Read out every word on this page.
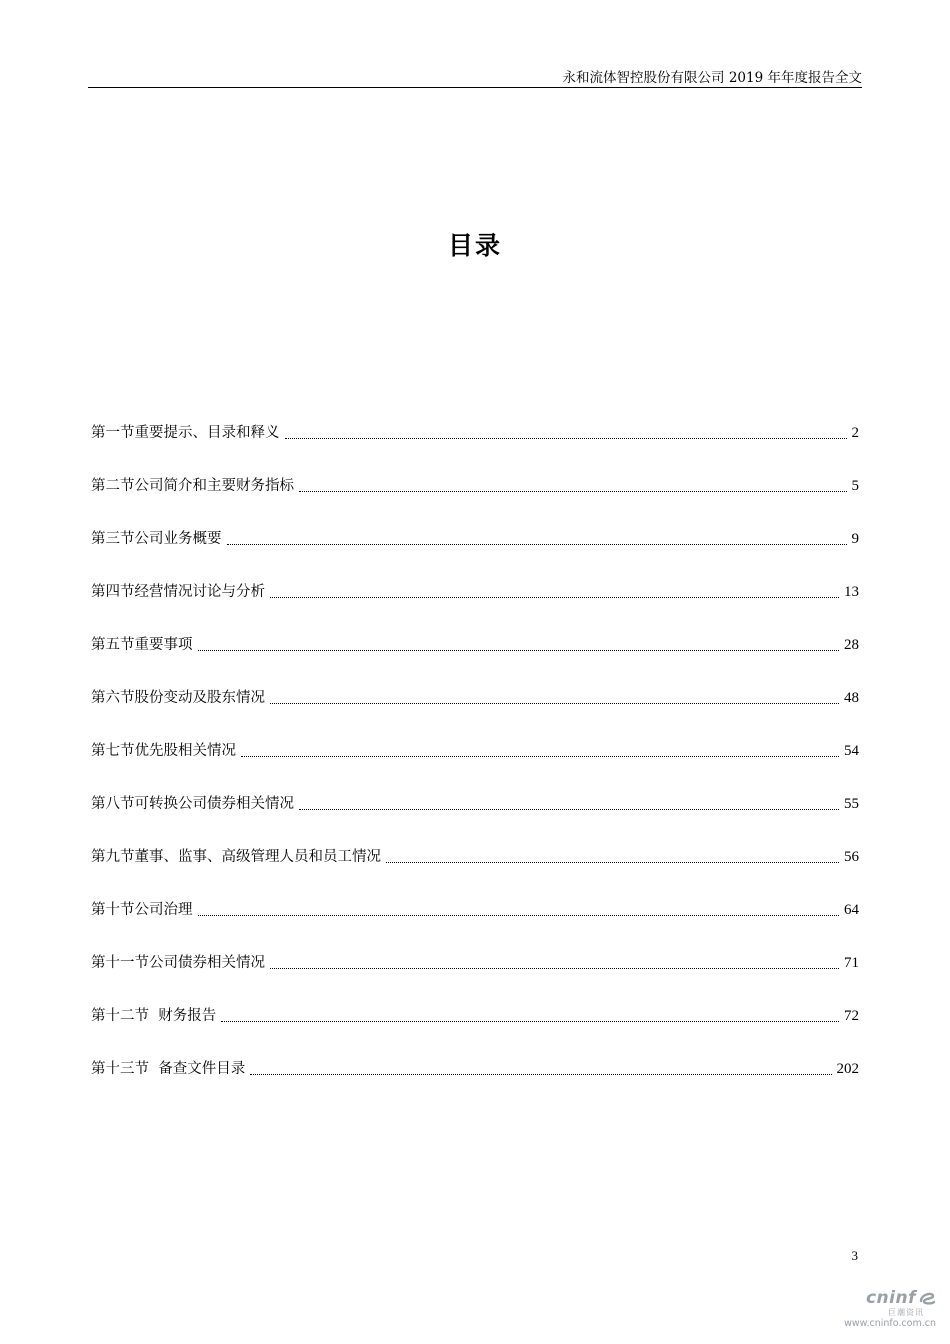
永和流体智控股份有限公司 2019 年年度报告全文
目录
第一节重要提示、目录和释义	2
第二节公司简介和主要财务指标	5
第三节公司业务概要	9
第四节经营情况讨论与分析	13
第五节重要事项	28
第六节股份变动及股东情况	48
第七节优先股相关情况	54
第八节可转换公司债券相关情况	55
第九节董事、监事、高级管理人员和员工情况	56
第十节公司治理	64
第十一节公司债券相关情况	71
第十二节  财务报告	72
第十三节  备查文件目录	202
3
cninf
巨潮资讯
www.cninfo.com.cn
